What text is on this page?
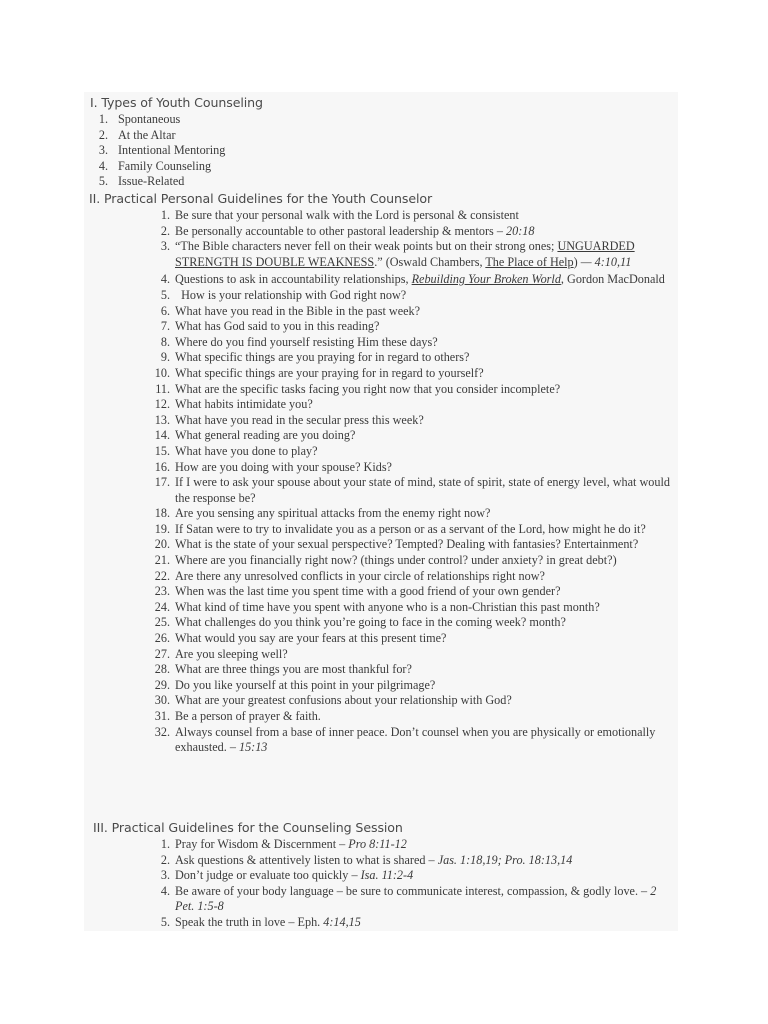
I. Types of Youth Counseling
1. Spontaneous
2. At the Altar
3. Intentional Mentoring
4. Family Counseling
5. Issue-Related
II. Practical Personal Guidelines for the Youth Counselor
1. Be sure that your personal walk with the Lord is personal & consistent
2. Be personally accountable to other pastoral leadership & mentors – 20:18
3. “The Bible characters never fell on their weak points but on their strong ones; UNGUARDED STRENGTH IS DOUBLE WEAKNESS.” (Oswald Chambers, The Place of Help) — 4:10,11
4. Questions to ask in accountability relationships, Rebuilding Your Broken World, Gordon MacDonald
5. How is your relationship with God right now?
6. What have you read in the Bible in the past week?
7. What has God said to you in this reading?
8. Where do you find yourself resisting Him these days?
9. What specific things are you praying for in regard to others?
10. What specific things are your praying for in regard to yourself?
11. What are the specific tasks facing you right now that you consider incomplete?
12. What habits intimidate you?
13. What have you read in the secular press this week?
14. What general reading are you doing?
15. What have you done to play?
16. How are you doing with your spouse? Kids?
17. If I were to ask your spouse about your state of mind, state of spirit, state of energy level, what would the response be?
18. Are you sensing any spiritual attacks from the enemy right now?
19. If Satan were to try to invalidate you as a person or as a servant of the Lord, how might he do it?
20. What is the state of your sexual perspective? Tempted? Dealing with fantasies? Entertainment?
21. Where are you financially right now? (things under control? under anxiety? in great debt?)
22. Are there any unresolved conflicts in your circle of relationships right now?
23. When was the last time you spent time with a good friend of your own gender?
24. What kind of time have you spent with anyone who is a non-Christian this past month?
25. What challenges do you think you’re going to face in the coming week? month?
26. What would you say are your fears at this present time?
27. Are you sleeping well?
28. What are three things you are most thankful for?
29. Do you like yourself at this point in your pilgrimage?
30. What are your greatest confusions about your relationship with God?
31. Be a person of prayer & faith.
32. Always counsel from a base of inner peace. Don’t counsel when you are physically or emotionally exhausted. – 15:13
III. Practical Guidelines for the Counseling Session
1. Pray for Wisdom & Discernment – Pro 8:11-12
2. Ask questions & attentively listen to what is shared – Jas. 1:18,19; Pro. 18:13,14
3. Don’t judge or evaluate too quickly – Isa. 11:2-4
4. Be aware of your body language – be sure to communicate interest, compassion, & godly love. – 2 Pet. 1:5-8
5. Speak the truth in love – Eph. 4:14,15
